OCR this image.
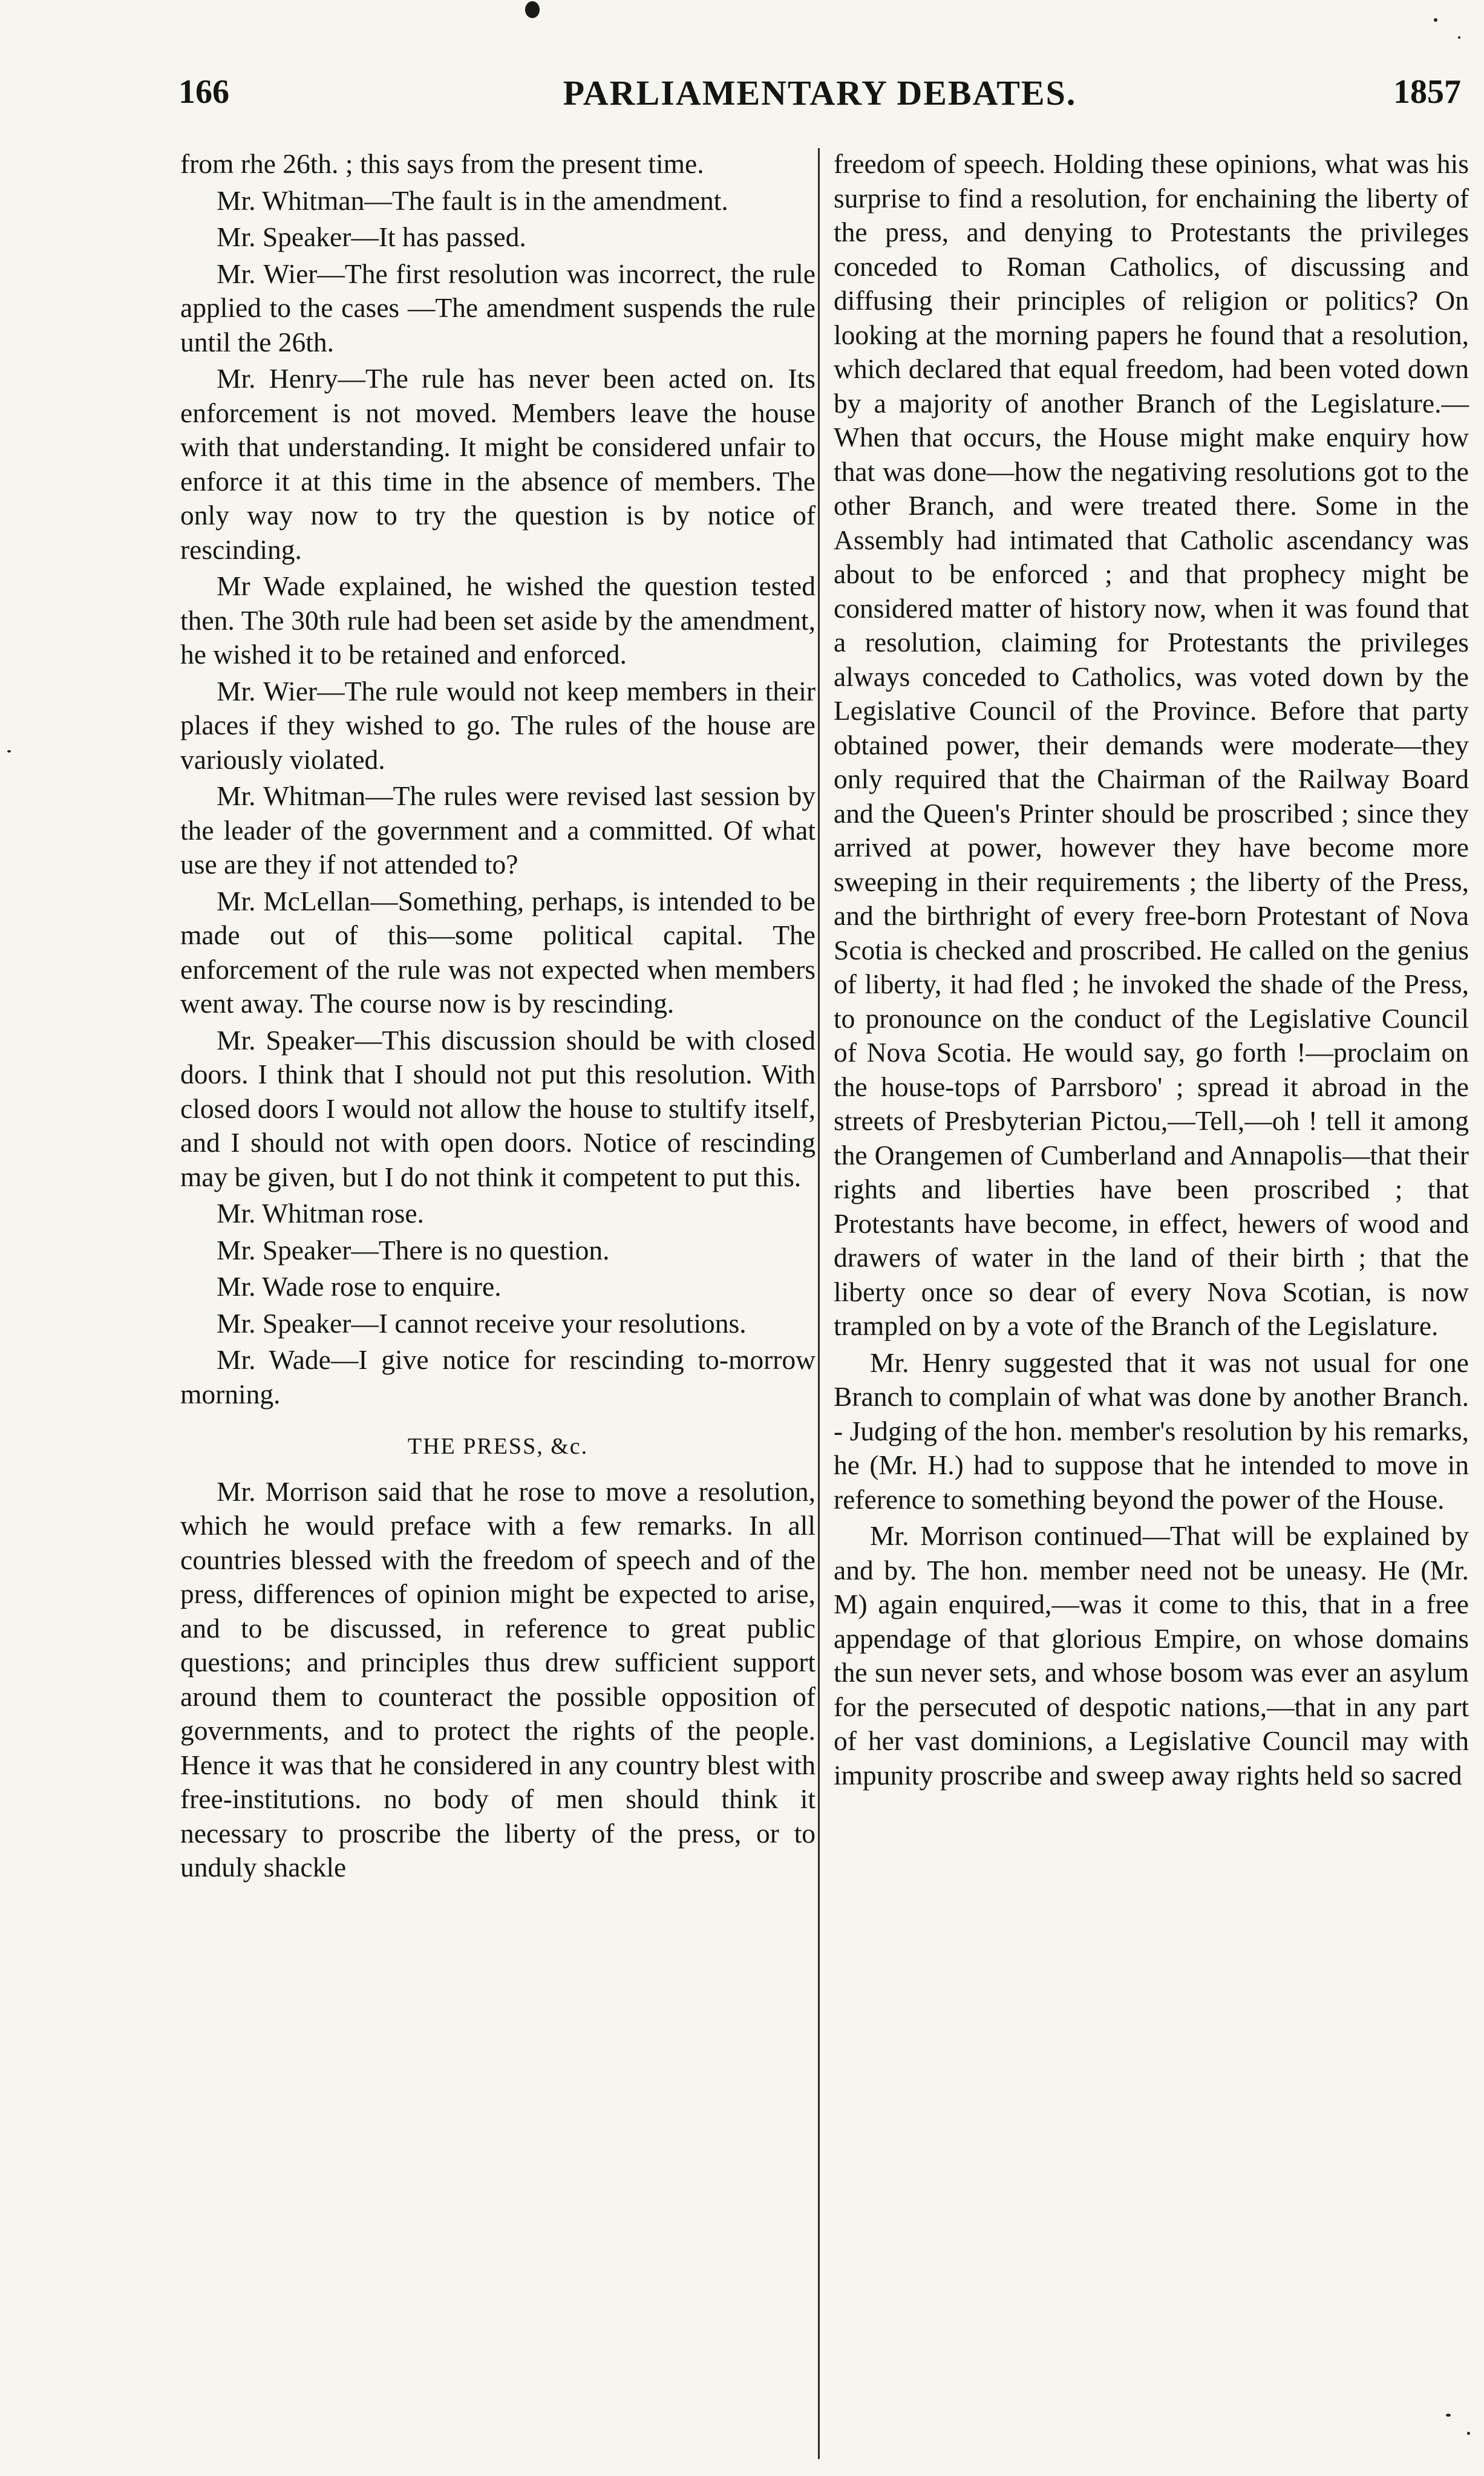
166	PARLIAMENTARY DEBATES.	1857

from rhe 26th. ; this says from the present time.

Mr. Whitman—The fault is in the amendment.

Mr. Speaker—It has passed.

Mr. Wier—The first resolution was incorrect, the rule applied to the cases —The amendment suspends the rule until the 26th.

Mr. Henry—The rule has never been acted on. Its enforcement is not moved. Members leave the house with that understanding. It might be considered unfair to enforce it at this time in the absence of members. The only way now to try the question is by notice of rescinding.

Mr Wade explained, he wished the question tested then. The 30th rule had been set aside by the amendment, he wished it to be retained and enforced.

Mr. Wier—The rule would not keep members in their places if they wished to go. The rules of the house are variously violated.

Mr. Whitman—The rules were revised last session by the leader of the government and a committed. Of what use are they if not attended to?

Mr. McLellan—Something, perhaps, is intended to be made out of this—some political capital. The enforcement of the rule was not expected when members went away. The course now is by rescinding.

Mr. Speaker—This discussion should be with closed doors. I think that I should not put this resolution. With closed doors I would not allow the house to stultify itself, and I should not with open doors. Notice of rescinding may be given, but I do not think it competent to put this.

Mr. Whitman rose.

Mr. Speaker—There is no question.

Mr. Wade rose to enquire.

Mr. Speaker—I cannot receive your resolutions.

Mr. Wade—I give notice for rescinding to-morrow morning.

THE PRESS, &c.

Mr. Morrison said that he rose to move a resolution, which he would preface with a few remarks. In all countries blessed with the freedom of speech and of the press, differences of opinion might be expected to arise, and to be discussed, in reference to great public questions; and principles thus drew sufficient support around them to counteract the possible opposition of governments, and to protect the rights of the people. Hence it was that he considered in any country blest with free-institutions. no body of men should think it necessary to proscribe the liberty of the press, or to unduly shackle

freedom of speech. Holding these opinions, what was his surprise to find a resolution, for enchaining the liberty of the press, and denying to Protestants the privileges conceded to Roman Catholics, of discussing and diffusing their principles of religion or politics? On looking at the morning papers he found that a resolution, which declared that equal freedom, had been voted down by a majority of another Branch of the Legislature.— When that occurs, the House might make enquiry how that was done—how the negativing resolutions got to the other Branch, and were treated there. Some in the Assembly had intimated that Catholic ascendancy was about to be enforced ; and that prophecy might be considered matter of history now, when it was found that a resolution, claiming for Protestants the privileges always conceded to Catholics, was voted down by the Legislative Council of the Province. Before that party obtained power, their demands were moderate—they only required that the Chairman of the Railway Board and the Queen's Printer should be proscribed ; since they arrived at power, however they have become more sweeping in their requirements ; the liberty of the Press, and the birthright of every free-born Protestant of Nova Scotia is checked and proscribed. He called on the genius of liberty, it had fled ; he invoked the shade of the Press, to pronounce on the conduct of the Legislative Council of Nova Scotia. He would say, go forth !—proclaim on the house-tops of Parrsboro' ; spread it abroad in the streets of Presbyterian Pictou,—Tell,—oh ! tell it among the Orangemen of Cumberland and Annapolis—that their rights and liberties have been proscribed ; that Protestants have become, in effect, hewers of wood and drawers of water in the land of their birth ; that the liberty once so dear of every Nova Scotian, is now trampled on by a vote of the Branch of the Legislature.

Mr. Henry suggested that it was not usual for one Branch to complain of what was done by another Branch. - Judging of the hon. member's resolution by his remarks, he (Mr. H.) had to suppose that he intended to move in reference to something beyond the power of the House.

Mr. Morrison continued—That will be explained by and by. The hon. member need not be uneasy. He (Mr. M) again enquired,—was it come to this, that in a free appendage of that glorious Empire, on whose domains the sun never sets, and whose bosom was ever an asylum for the persecuted of despotic nations,—that in any part of her vast dominions, a Legislative Council may with impunity proscribe and sweep away rights held so sacred
